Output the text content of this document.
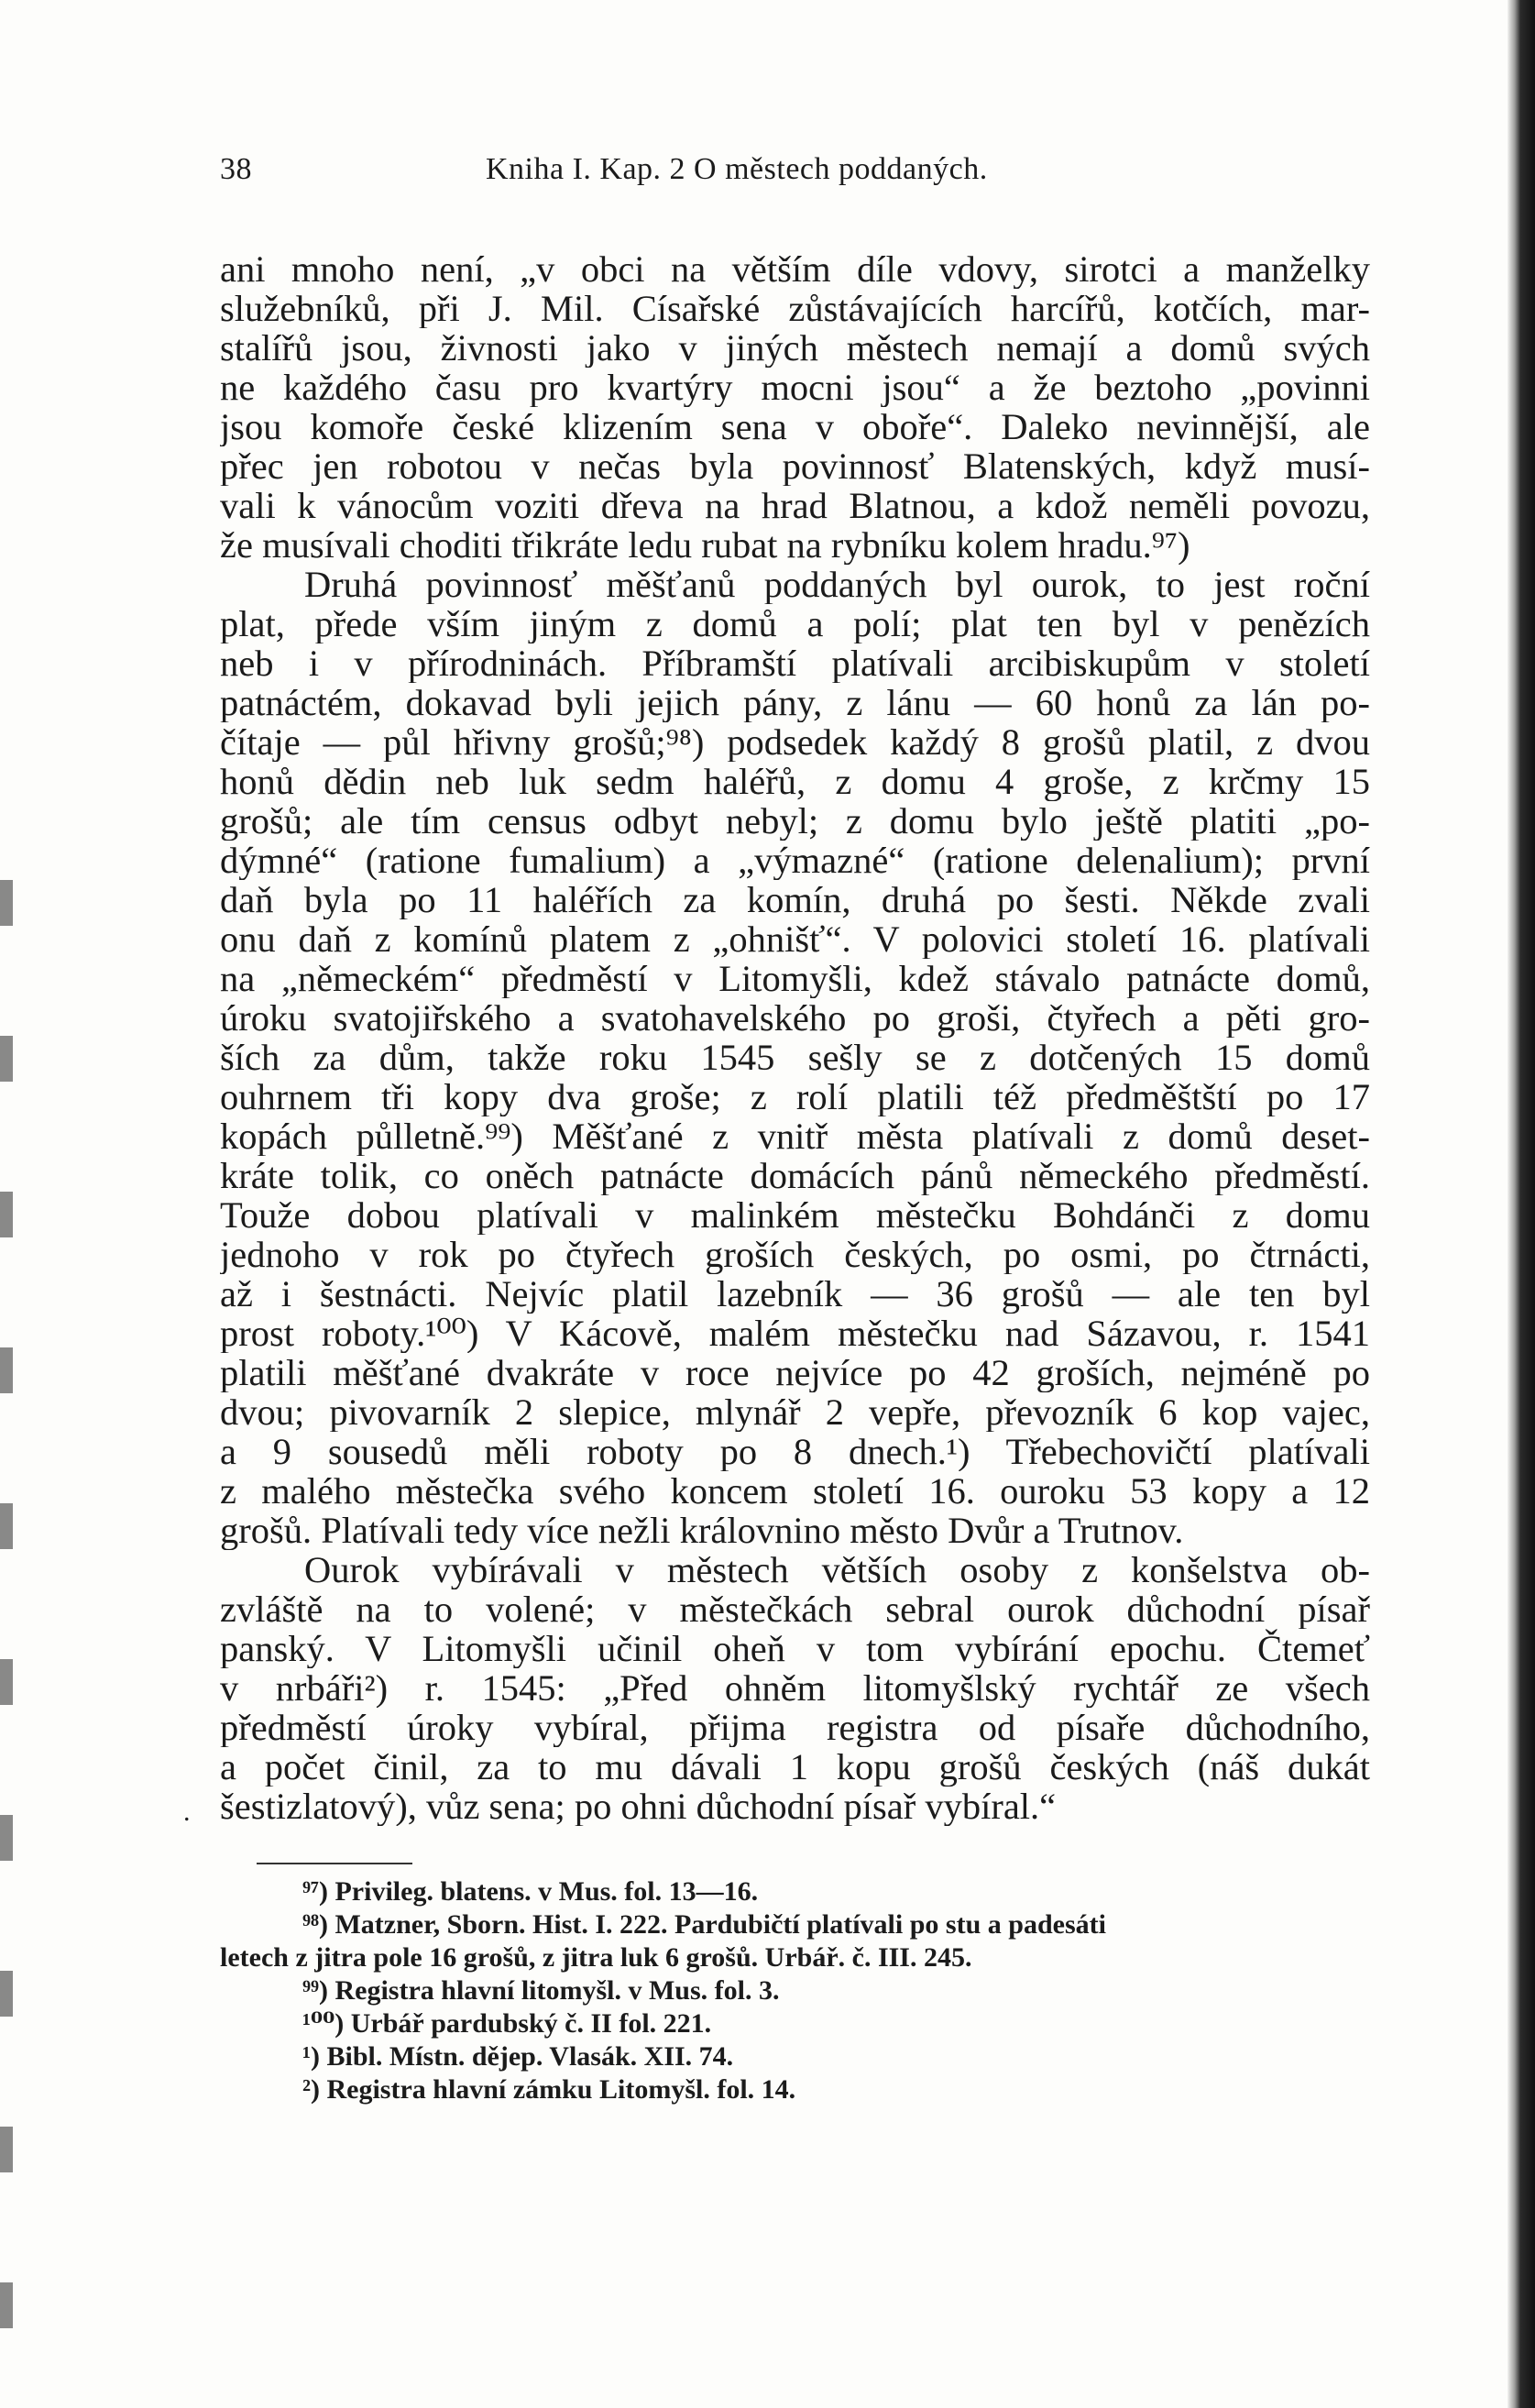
.
38	Kniha I. Kap. 2 O městech poddaných.
ani mnoho není, „v obci na větším díle vdovy, sirotci a manželky
služebníků, při J. Mil. Císařské zůstávajících harcířů, kotčích, mar-
stalířů jsou, živnosti jako v jiných městech nemají a domů svých
ne každého času pro kvartýry mocni jsou“ a že beztoho „povinni
jsou komoře české klizením sena v oboře“. Daleko nevinnější, ale
přec jen robotou v nečas byla povinnosť Blatenských, když musí-
vali k vánocům voziti dřeva na hrad Blatnou, a kdož neměli povozu,
že musívali choditi třikráte ledu rubat na rybníku kolem hradu.⁹⁷)
Druhá povinnosť měšťanů poddaných byl ourok, to jest roční
plat, přede vším jiným z domů a polí; plat ten byl v penězích
neb i v přírodninách. Příbramští platívali arcibiskupům v století
patnáctém, dokavad byli jejich pány, z lánu — 60 honů za lán po-
čítaje — půl hřivny grošů;⁹⁸) podsedek každý 8 grošů platil, z dvou
honů dědin neb luk sedm haléřů, z domu 4 groše, z krčmy 15
grošů; ale tím census odbyt nebyl; z domu bylo ještě platiti „po-
dýmné“ (ratione fumalium) a „výmazné“ (ratione delenalium); první
daň byla po 11 haléřích za komín, druhá po šesti. Někde zvali
onu daň z komínů platem z „ohnišť“. V polovici století 16. platívali
na „německém“ předměstí v Litomyšli, kdež stávalo patnácte domů,
úroku svatojiřského a svatohavelského po groši, čtyřech a pěti gro-
ších za dům, takže roku 1545 sešly se z dotčených 15 domů
ouhrnem tři kopy dva groše; z rolí platili též předměštští po 17
kopách půlletně.⁹⁹) Měšťané z vnitř města platívali z domů deset-
kráte tolik, co oněch patnácte domácích pánů německého předměstí.
Touže dobou platívali v malinkém městečku Bohdánči z domu
jednoho v rok po čtyřech groších českých, po osmi, po čtrnácti,
až i šestnácti. Nejvíc platil lazebník — 36 grošů — ale ten byl
prost roboty.¹⁰⁰) V Kácově, malém městečku nad Sázavou, r. 1541
platili měšťané dvakráte v roce nejvíce po 42 groších, nejméně po
dvou; pivovarník 2 slepice, mlynář 2 vepře, převozník 6 kop vajec,
a 9 sousedů měli roboty po 8 dnech.¹) Třebechovičtí platívali
z malého městečka svého koncem století 16. ouroku 53 kopy a 12
grošů. Platívali tedy více nežli královnino město Dvůr a Trutnov.
Ourok vybírávali v městech větších osoby z konšelstva ob-
zvláště na to volené; v městečkách sebral ourok důchodní písař
panský. V Litomyšli učinil oheň v tom vybírání epochu. Čtemeť
v nrbáři²) r. 1545: „Před ohněm litomyšlský rychtář ze všech
předměstí úroky vybíral, přijma registra od písaře důchodního,
a počet činil, za to mu dávali 1 kopu grošů českých (náš dukát
šestizlatový), vůz sena; po ohni důchodní písař vybíral.“
⁹⁷) Privileg. blatens. v Mus. fol. 13—16.
⁹⁸) Matzner, Sborn. Hist. I. 222. Pardubičtí platívali po stu a padesáti
letech z jitra pole 16 grošů, z jitra luk 6 grošů. Urbář. č. III. 245.
⁹⁹) Registra hlavní litomyšl. v Mus. fol. 3.
¹⁰⁰) Urbář pardubský č. II fol. 221.
¹) Bibl. Místn. dějep. Vlasák. XII. 74.
²) Registra hlavní zámku Litomyšl. fol. 14.
